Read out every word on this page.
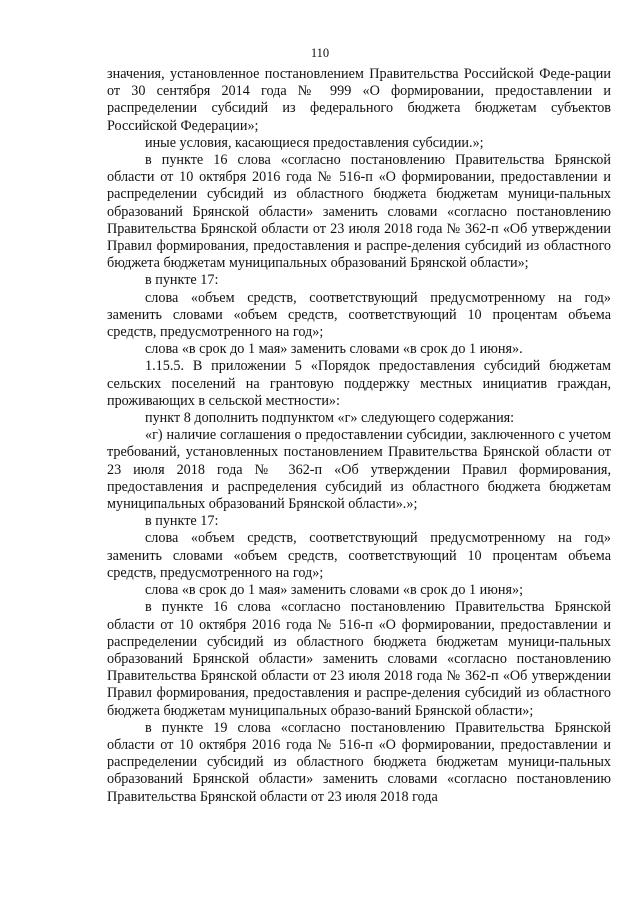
110

значения, установленное постановлением Правительства Российской Феде-рации от 30 сентября 2014 года № 999 «О формировании, предоставлении и распределении субсидий из федерального бюджета бюджетам субъектов Российской Федерации»;

иные условия, касающиеся предоставления субсидии.»;

в пункте 16 слова «согласно постановлению Правительства Брянской области от 10 октября 2016 года № 516-п «О формировании, предоставлении и распределении субсидий из областного бюджета бюджетам муници-пальных образований Брянской области» заменить словами «согласно постановлению Правительства Брянской области от 23 июля 2018 года № 362-п «Об утверждении Правил формирования, предоставления и распре-деления субсидий из областного бюджета бюджетам муниципальных образований Брянской области»;

в пункте 17:

слова «объем средств, соответствующий предусмотренному на год» заменить словами «объем средств, соответствующий 10 процентам объема средств, предусмотренного на год»;

слова «в срок до 1 мая» заменить словами «в срок до 1 июня».

1.15.5. В приложении 5 «Порядок предоставления субсидий бюджетам сельских поселений на грантовую поддержку местных инициатив граждан, проживающих в сельской местности»:

пункт 8 дополнить подпунктом «г» следующего содержания:

«г) наличие соглашения о предоставлении субсидии, заключенного с учетом требований, установленных постановлением Правительства Брянской области от 23 июля 2018 года № 362-п «Об утверждении Правил формирования, предоставления и распределения субсидий из областного бюджета бюджетам муниципальных образований Брянской области».»;

в пункте 17:

слова «объем средств, соответствующий предусмотренному на год» заменить словами «объем средств, соответствующий 10 процентам объема средств, предусмотренного на год»;

слова «в срок до 1 мая» заменить словами «в срок до 1 июня»;

в пункте 16 слова «согласно постановлению Правительства Брянской области от 10 октября 2016 года № 516-п «О формировании, предоставлении и распределении субсидий из областного бюджета бюджетам муници-пальных образований Брянской области» заменить словами «согласно постановлению Правительства Брянской области от 23 июля 2018 года № 362-п «Об утверждении Правил формирования, предоставления и распре-деления субсидий из областного бюджета бюджетам муниципальных образо-ваний Брянской области»;

в пункте 19 слова «согласно постановлению Правительства Брянской области от 10 октября 2016 года № 516-п «О формировании, предоставлении и распределении субсидий из областного бюджета бюджетам муници-пальных образований Брянской области» заменить словами «согласно постановлению Правительства Брянской области от 23 июля 2018 года
